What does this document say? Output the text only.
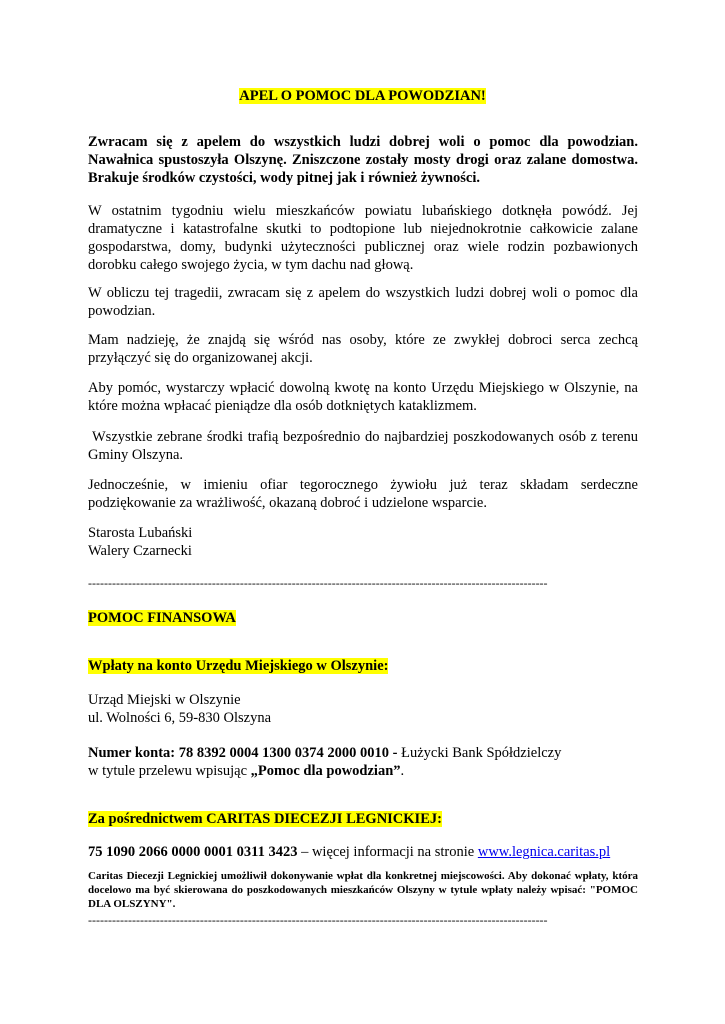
APEL O POMOC DLA POWODZIAN!

Zwracam się z apelem do wszystkich ludzi dobrej woli o pomoc dla powodzian. Nawałnica spustoszyła Olszynę. Zniszczone zostały mosty drogi oraz zalane domostwa. Brakuje środków czystości, wody pitnej jak i również żywności.

W ostatnim tygodniu wielu mieszkańców powiatu lubańskiego dotknęła powódź. Jej dramatyczne i katastrofalne skutki to podtopione lub niejednokrotnie całkowicie zalane gospodarstwa, domy, budynki użyteczności publicznej oraz wiele rodzin pozbawionych dorobku całego swojego życia, w tym dachu nad głową.

W obliczu tej tragedii, zwracam się z apelem do wszystkich ludzi dobrej woli o pomoc dla powodzian.

Mam nadzieję, że znajdą się wśród nas osoby, które ze zwykłej dobroci serca zechcą przyłączyć się do organizowanej akcji.

Aby pomóc, wystarczy wpłacić dowolną kwotę na konto Urzędu Miejskiego w Olszynie, na które można wpłacać pieniądze dla osób dotkniętych kataklizmem.

Wszystkie zebrane środki trafią bezpośrednio do najbardziej poszkodowanych osób z terenu Gminy Olszyna.

Jednocześnie, w imieniu ofiar tegorocznego żywiołu już teraz składam serdeczne podziękowanie za wrażliwość, okazaną dobroć i udzielone wsparcie.

Starosta Lubański
Walery Czarnecki
-------------------------------------------------------------------------------------------------------------------
POMOC FINANSOWA
Wpłaty na konto Urzędu Miejskiego w Olszynie:
Urząd Miejski w Olszynie
ul. Wolności 6, 59-830 Olszyna
Numer konta: 78 8392 0004 1300 0374 2000 0010 - Łużycki Bank Spółdzielczy
w tytule przelewu wpisując „Pomoc dla powodzian”.
Za pośrednictwem CARITAS DIECEZJI LEGNICKIEJ:
75 1090 2066 0000 0001 0311 3423 – więcej informacji na stronie www.legnica.caritas.pl

Caritas Diecezji Legnickiej umożliwił dokonywanie wpłat dla konkretnej miejscowości. Aby dokonać wpłaty, która docelowo ma być skierowana do poszkodowanych mieszkańców Olszyny w tytule wpłaty należy wpisać: "POMOC DLA OLSZYNY".

-------------------------------------------------------------------------------------------------------------------
